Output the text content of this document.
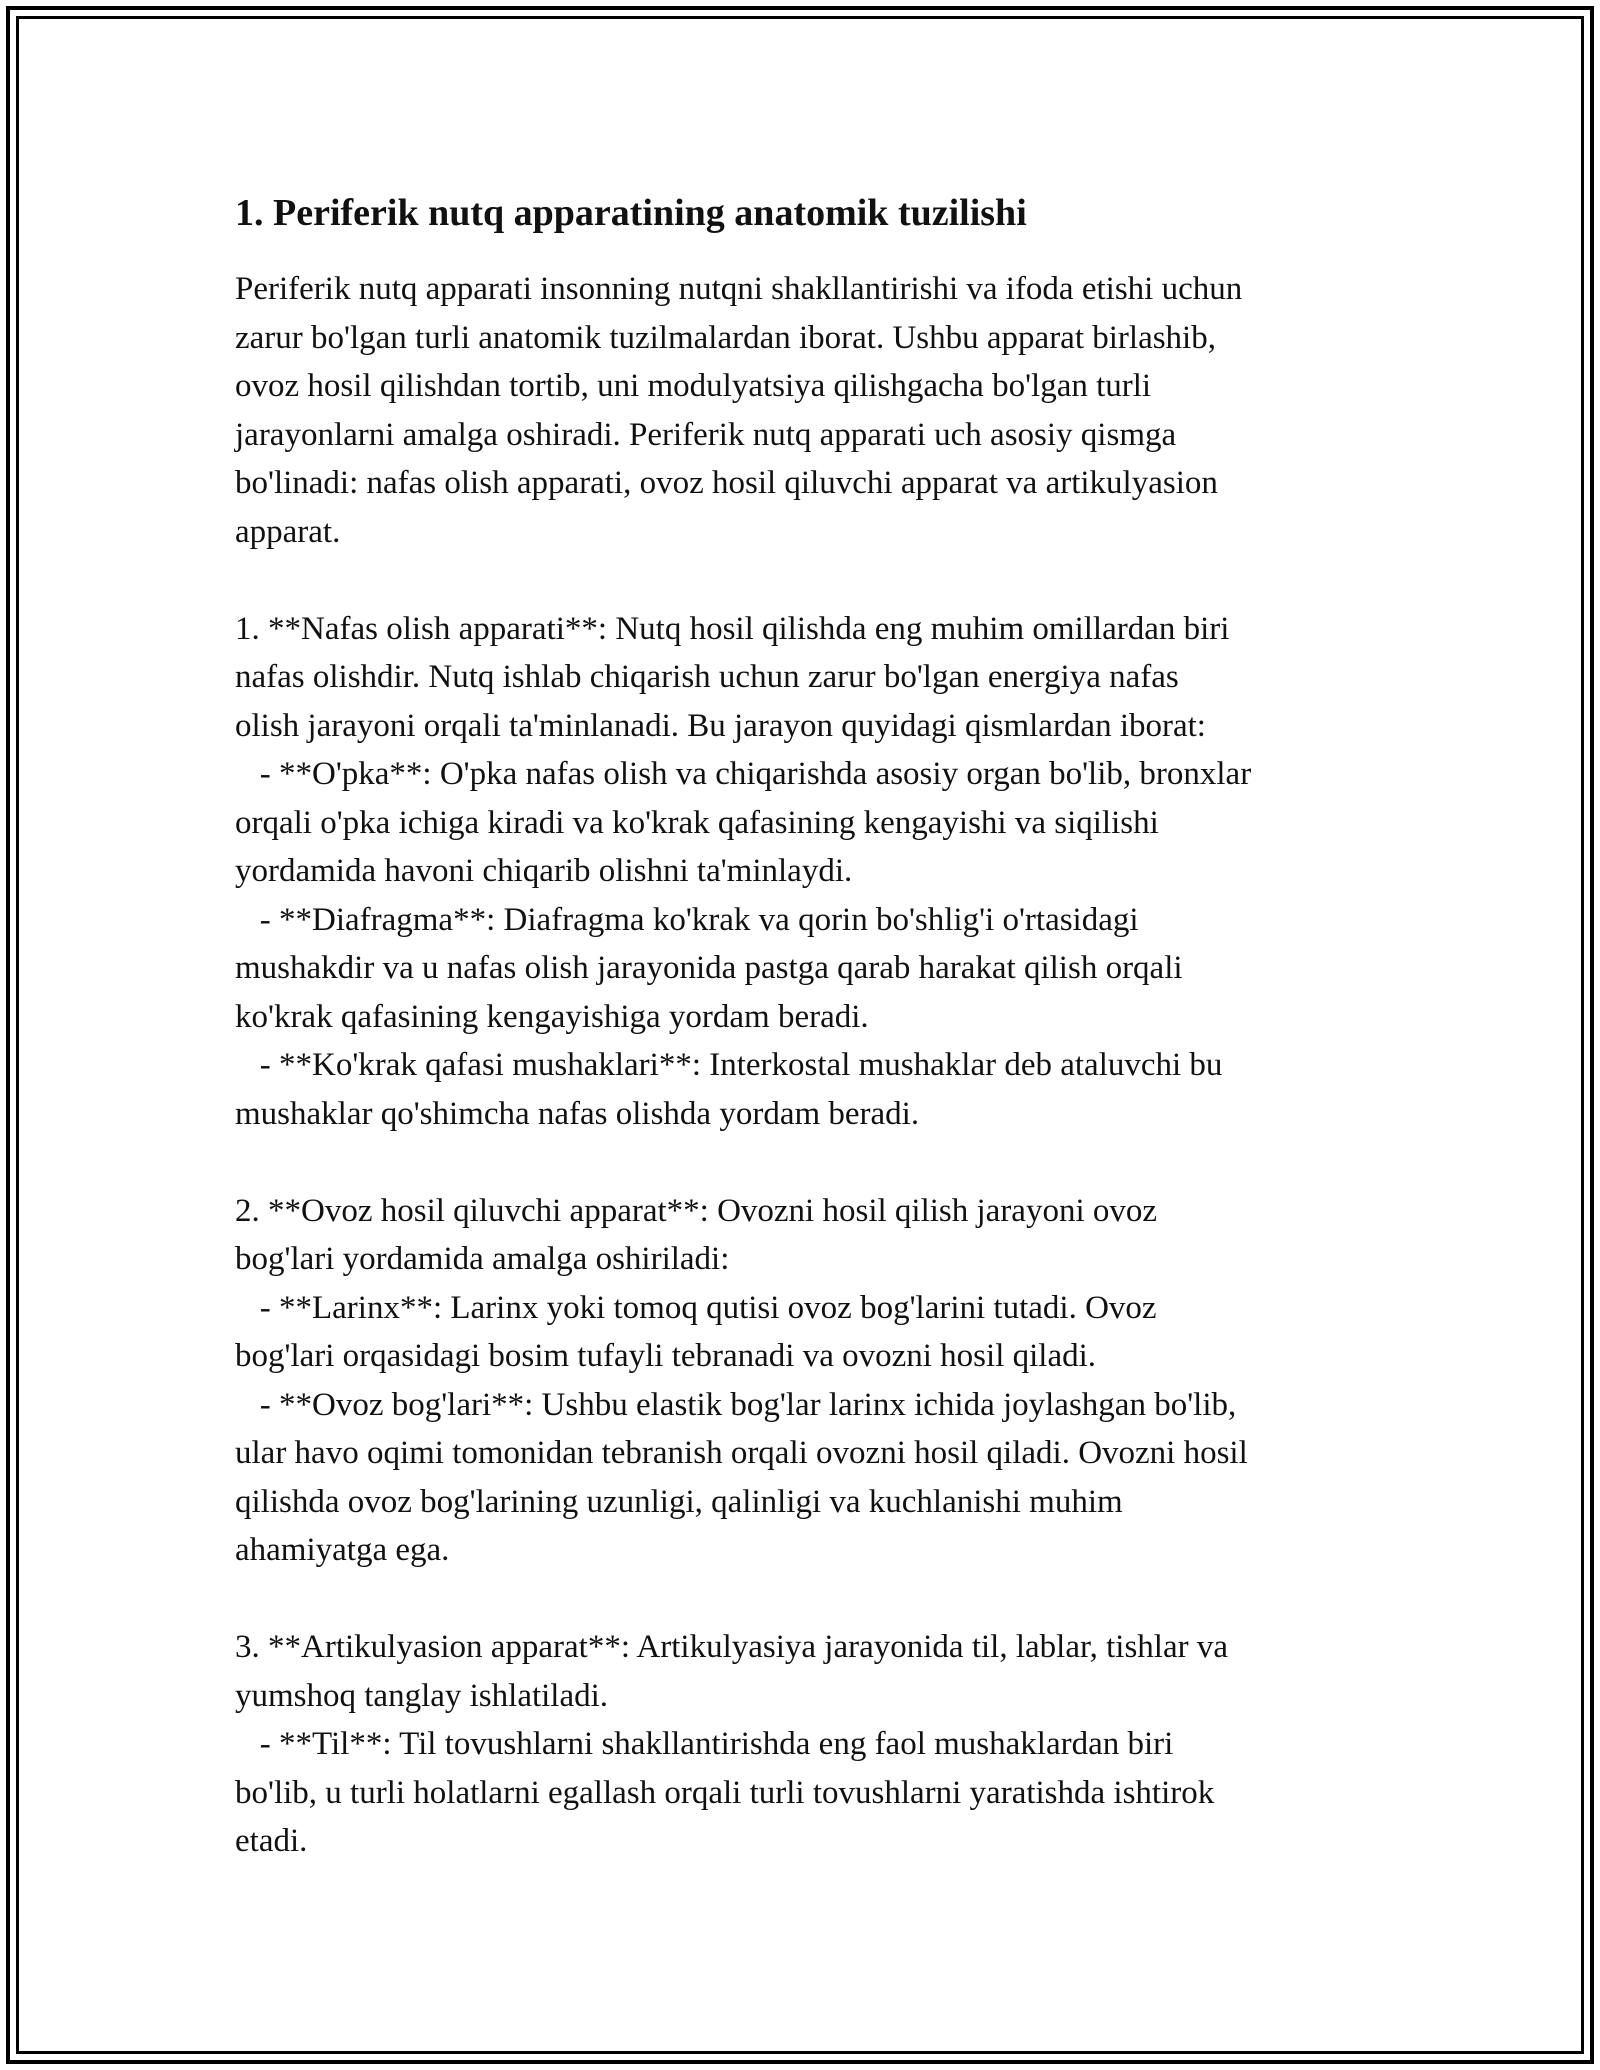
1. Periferik nutq apparatining anatomik tuzilishi

Periferik nutq apparati insonning nutqni shakllantirishi va ifoda etishi uchun
zarur bo'lgan turli anatomik tuzilmalardan iborat. Ushbu apparat birlashib,
ovoz hosil qilishdan tortib, uni modulyatsiya qilishgacha bo'lgan turli
jarayonlarni amalga oshiradi. Periferik nutq apparati uch asosiy qismga
bo'linadi: nafas olish apparati, ovoz hosil qiluvchi apparat va artikulyasion
apparat.

1. **Nafas olish apparati**: Nutq hosil qilishda eng muhim omillardan biri
nafas olishdir. Nutq ishlab chiqarish uchun zarur bo'lgan energiya nafas
olish jarayoni orqali ta'minlanadi. Bu jarayon quyidagi qismlardan iborat:
- **O'pka**: O'pka nafas olish va chiqarishda asosiy organ bo'lib, bronxlar
orqali o'pka ichiga kiradi va ko'krak qafasining kengayishi va siqilishi
yordamida havoni chiqarib olishni ta'minlaydi.
- **Diafragma**: Diafragma ko'krak va qorin bo'shlig'i o'rtasidagi
mushakdir va u nafas olish jarayonida pastga qarab harakat qilish orqali
ko'krak qafasining kengayishiga yordam beradi.
- **Ko'krak qafasi mushaklari**: Interkostal mushaklar deb ataluvchi bu
mushaklar qo'shimcha nafas olishda yordam beradi.

2. **Ovoz hosil qiluvchi apparat**: Ovozni hosil qilish jarayoni ovoz
bog'lari yordamida amalga oshiriladi:
- **Larinx**: Larinx yoki tomoq qutisi ovoz bog'larini tutadi. Ovoz
bog'lari orqasidagi bosim tufayli tebranadi va ovozni hosil qiladi.
- **Ovoz bog'lari**: Ushbu elastik bog'lar larinx ichida joylashgan bo'lib,
ular havo oqimi tomonidan tebranish orqali ovozni hosil qiladi. Ovozni hosil
qilishda ovoz bog'larining uzunligi, qalinligi va kuchlanishi muhim
ahamiyatga ega.

3. **Artikulyasion apparat**: Artikulyasiya jarayonida til, lablar, tishlar va
yumshoq tanglay ishlatiladi.
- **Til**: Til tovushlarni shakllantirishda eng faol mushaklardan biri
bo'lib, u turli holatlarni egallash orqali turli tovushlarni yaratishda ishtirok
etadi.
